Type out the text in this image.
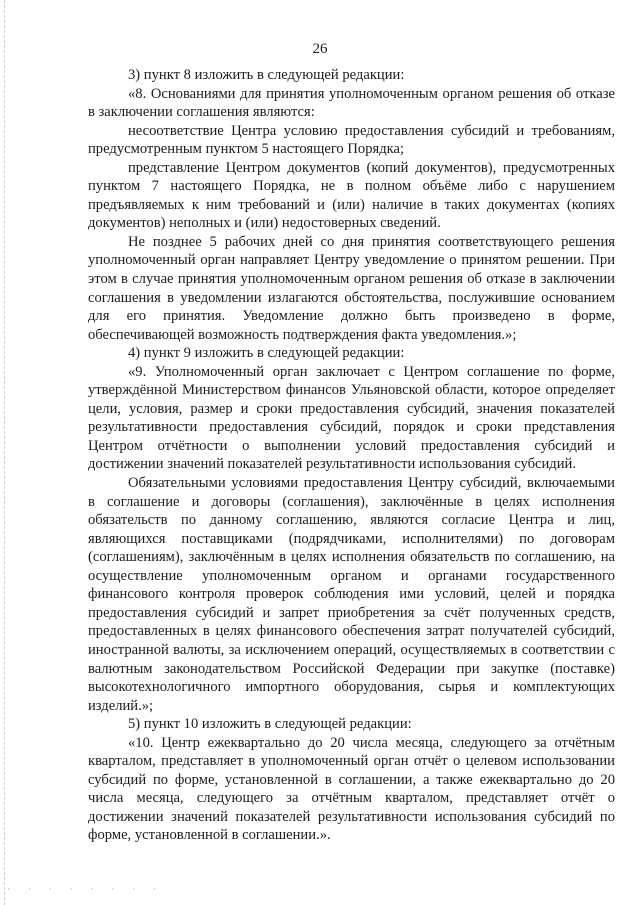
26

3) пункт 8 изложить в следующей редакции:

«8. Основаниями для принятия уполномоченным органом решения об отказе в заключении соглашения являются:

несоответствие Центра условию предоставления субсидий и требованиям, предусмотренным пунктом 5 настоящего Порядка;

представление Центром документов (копий документов), предусмотренных пунктом 7 настоящего Порядка, не в полном объёме либо с нарушением предъявляемых к ним требований и (или) наличие в таких документах (копиях документов) неполных и (или) недостоверных сведений.

Не позднее 5 рабочих дней со дня принятия соответствующего решения уполномоченный орган направляет Центру уведомление о принятом решении. При этом в случае принятия уполномоченным органом решения об отказе в заключении соглашения в уведомлении излагаются обстоятельства, послужившие основанием для его принятия. Уведомление должно быть произведено в форме, обеспечивающей возможность подтверждения факта уведомления.»;

4) пункт 9 изложить в следующей редакции:

«9. Уполномоченный орган заключает с Центром соглашение по форме, утверждённой Министерством финансов Ульяновской области, которое определяет цели, условия, размер и сроки предоставления субсидий, значения показателей результативности предоставления субсидий, порядок и сроки представления Центром отчётности о выполнении условий предоставления субсидий и достижении значений показателей результативности использования субсидий.

Обязательными условиями предоставления Центру субсидий, включаемыми в соглашение и договоры (соглашения), заключённые в целях исполнения обязательств по данному соглашению, являются согласие Центра и лиц, являющихся поставщиками (подрядчиками, исполнителями) по договорам (соглашениям), заключённым в целях исполнения обязательств по соглашению, на осуществление уполномоченным органом и органами государственного финансового контроля проверок соблюдения ими условий, целей и порядка предоставления субсидий и запрет приобретения за счёт полученных средств, предоставленных в целях финансового обеспечения затрат получателей субсидий, иностранной валюты, за исключением операций, осуществляемых в соответствии с валютным законодательством Российской Федерации при закупке (поставке) высокотехнологичного импортного оборудования, сырья и комплектующих изделий.»;

5) пункт 10 изложить в следующей редакции:

«10. Центр ежеквартально до 20 числа месяца, следующего за отчётным кварталом, представляет в уполномоченный орган отчёт о целевом использовании субсидий по форме, установленной в соглашении, а также ежеквартально до 20 числа месяца, следующего за отчётным кварталом, представляет отчёт о достижении значений показателей результативности использования субсидий по форме, установленной в соглашении.».

· · · · · · · ·
